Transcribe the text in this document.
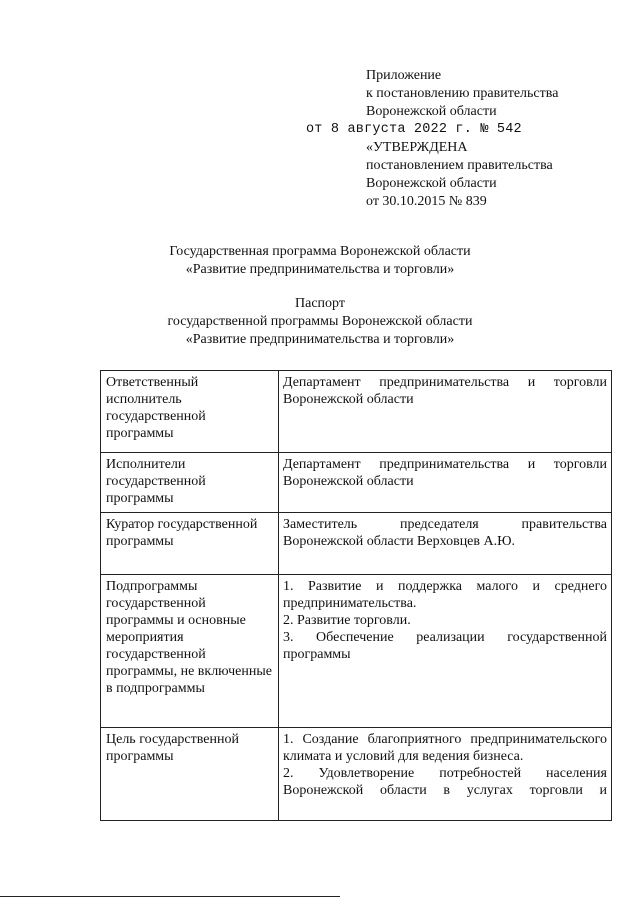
Приложение
к постановлению правительства
Воронежской области
от 8 августа 2022 г. № 542
«УТВЕРЖДЕНА
постановлением правительства
Воронежской области
от 30.10.2015 № 839
Государственная программа Воронежской области
«Развитие предпринимательства и торговли»
Паспорт
государственной программы Воронежской области
«Развитие предпринимательства и торговли»
Ответственный исполнитель государственной программы	Департамент предпринимательства и торговли Воронежской области
Исполнители государственной программы	Департамент предпринимательства и торговли Воронежской области
Куратор государственной программы	Заместитель председателя правительства Воронежской области Верховцев А.Ю.
Подпрограммы государственной программы и основные мероприятия государственной программы, не включенные в подпрограммы	1. Развитие и поддержка малого и среднего предпринимательства.
2. Развитие торговли.
3. Обеспечение реализации государственной программы

Цель государственной программы	1. Создание благоприятного предпринимательского климата и условий для ведения бизнеса.
2. Удовлетворение потребностей населения Воронежской области в услугах торговли и
